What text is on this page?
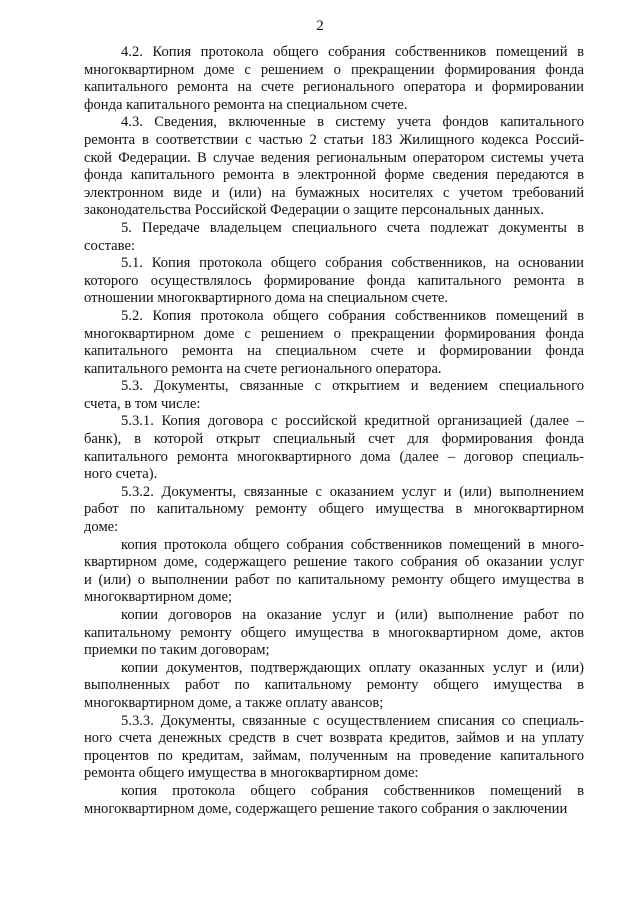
2
4.2. Копия протокола общего собрания собственников помещений в
многоквартирном доме с решением о прекращении формирования фонда
капитального ремонта на счете регионального оператора и формировании
фонда капитального ремонта на специальном счете.
4.3. Сведения, включенные в систему учета фондов капитального
ремонта в соответствии с частью 2 статьи 183 Жилищного кодекса Россий-
ской Федерации. В случае ведения региональным оператором системы учета
фонда капитального ремонта в электронной форме сведения передаются в
электронном виде и (или) на бумажных носителях с учетом требований
законодательства Российской Федерации о защите персональных данных.
5. Передаче владельцем специального счета подлежат документы в
составе:
5.1. Копия протокола общего собрания собственников, на основании
которого осуществлялось формирование фонда капитального ремонта в
отношении многоквартирного дома на специальном счете.
5.2. Копия протокола общего собрания собственников помещений в
многоквартирном доме с решением о прекращении формирования фонда
капитального ремонта на специальном счете и формировании фонда
капитального ремонта на счете регионального оператора.
5.3. Документы, связанные с открытием и ведением специального
счета, в том числе:
5.3.1. Копия договора с российской кредитной организацией (далее –
банк), в которой открыт специальный счет для формирования фонда
капитального ремонта многоквартирного дома (далее – договор специаль-
ного счета).
5.3.2. Документы, связанные с оказанием услуг и (или) выполнением
работ по капитальному ремонту общего имущества в многоквартирном
доме:
копия протокола общего собрания собственников помещений в много-
квартирном доме, содержащего решение такого собрания об оказании услуг
и (или) о выполнении работ по капитальному ремонту общего имущества в
многоквартирном доме;
копии договоров на оказание услуг и (или) выполнение работ по
капитальному ремонту общего имущества в многоквартирном доме, актов
приемки по таким договорам;
копии документов, подтверждающих оплату оказанных услуг и (или)
выполненных работ по капитальному ремонту общего имущества в
многоквартирном доме, а также оплату авансов;
5.3.3. Документы, связанные с осуществлением списания со специаль-
ного счета денежных средств в счет возврата кредитов, займов и на уплату
процентов по кредитам, займам, полученным на проведение капитального
ремонта общего имущества в многоквартирном доме:
копия протокола общего собрания собственников помещений в
многоквартирном доме, содержащего решение такого собрания о заключении
